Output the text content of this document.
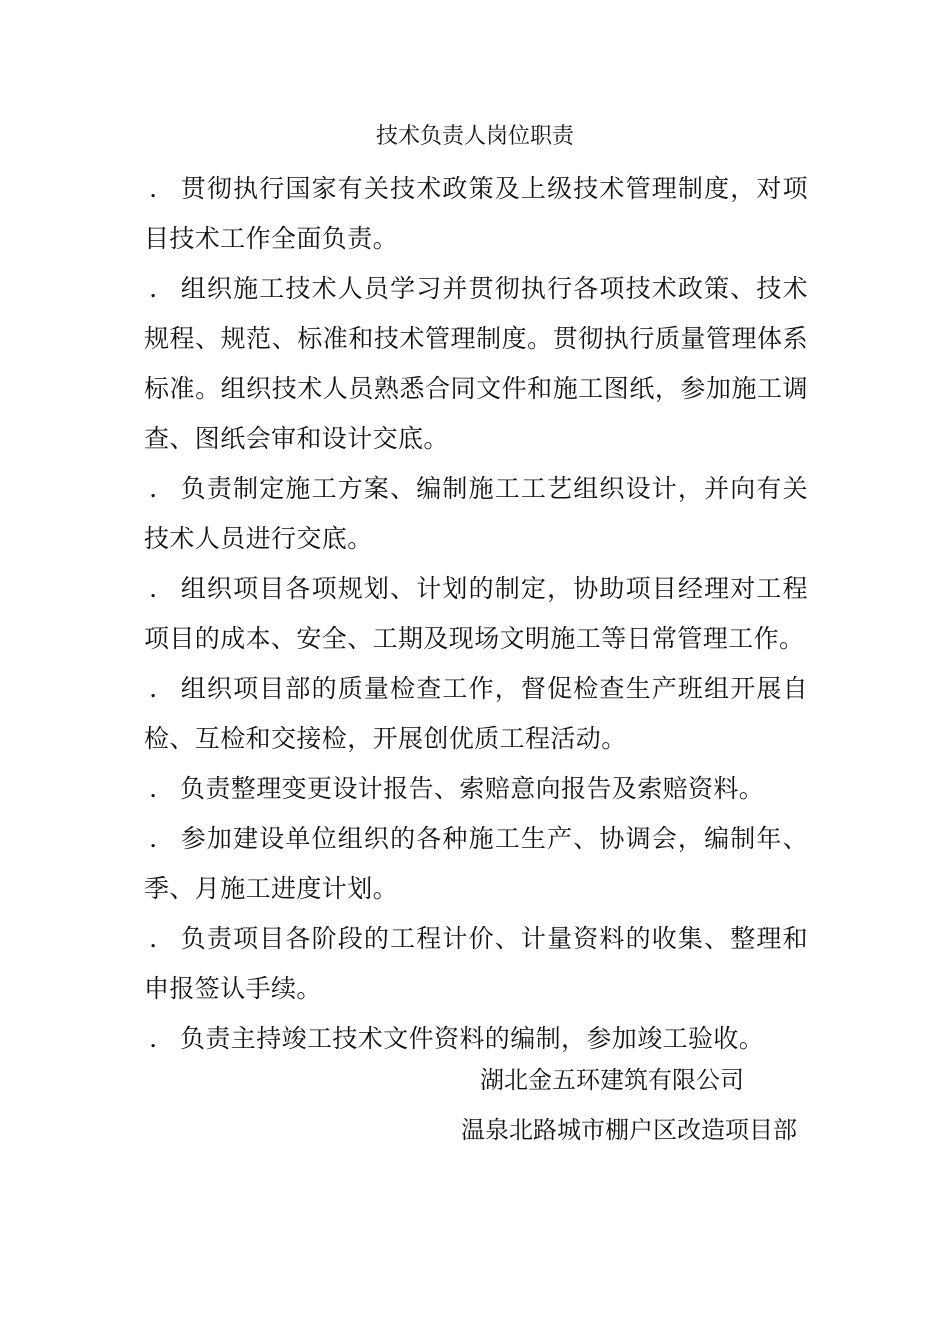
技术负责人岗位职责

． 贯彻执行国家有关技术政策及上级技术管理制度，对项目技术工作全面负责。

． 组织施工技术人员学习并贯彻执行各项技术政策、技术规程、规范、标准和技术管理制度。贯彻执行质量管理体系标准。组织技术人员熟悉合同文件和施工图纸，参加施工调查、图纸会审和设计交底。

． 负责制定施工方案、编制施工工艺组织设计，并向有关技术人员进行交底。

． 组织项目各项规划、计划的制定，协助项目经理对工程项目的成本、安全、工期及现场文明施工等日常管理工作。

． 组织项目部的质量检查工作，督促检查生产班组开展自检、互检和交接检，开展创优质工程活动。

． 负责整理变更设计报告、索赔意向报告及索赔资料。

． 参加建设单位组织的各种施工生产、协调会，编制年、季、月施工进度计划。

． 负责项目各阶段的工程计价、计量资料的收集、整理和申报签认手续。

． 负责主持竣工技术文件资料的编制，参加竣工验收。

湖北金五环建筑有限公司
温泉北路城市棚户区改造项目部
